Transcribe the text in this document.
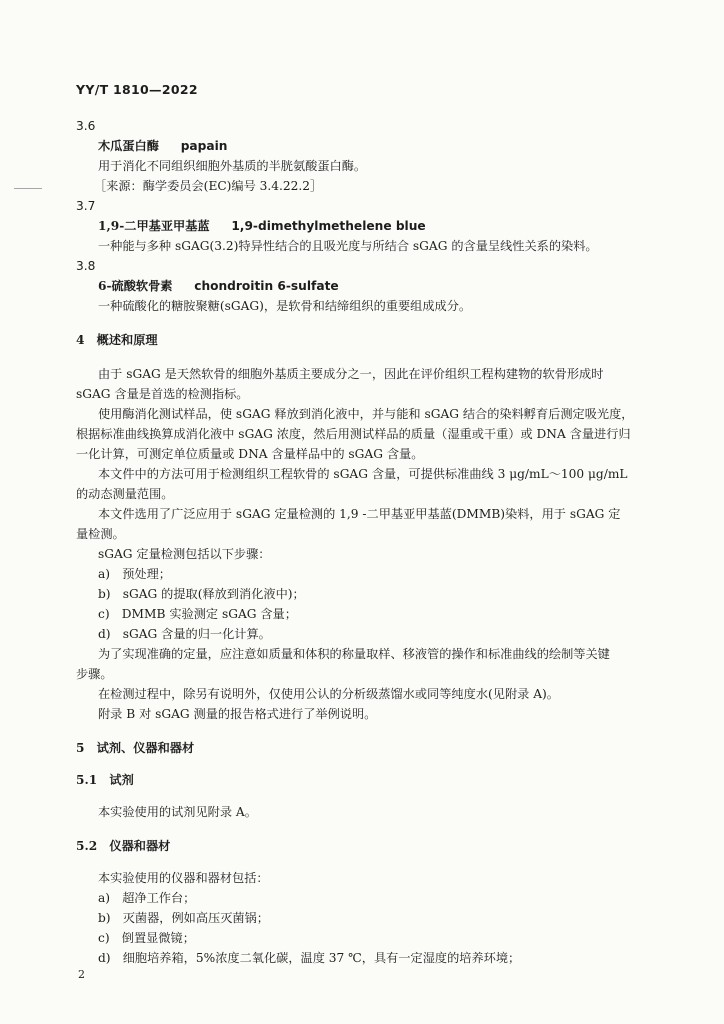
YY/T 1810—2022
3.6
木瓜蛋白酶 papain
用于消化不同组织细胞外基质的半胱氨酸蛋白酶。
［来源：酶学委员会(EC)编号 3.4.22.2］
3.7
1,9-二甲基亚甲基蓝 1,9-dimethylmethelene blue
一种能与多种 sGAG(3.2)特异性结合的且吸光度与所结合 sGAG 的含量呈线性关系的染料。
3.8
6-硫酸软骨素 chondroitin 6-sulfate
一种硫酸化的糖胺聚糖(sGAG)，是软骨和结缔组织的重要组成成分。
4　概述和原理
由于 sGAG 是天然软骨的细胞外基质主要成分之一，因此在评价组织工程构建物的软骨形成时
sGAG 含量是首选的检测指标。
使用酶消化测试样品，使 sGAG 释放到消化液中，并与能和 sGAG 结合的染料孵育后测定吸光度，
根据标准曲线换算成消化液中 sGAG 浓度，然后用测试样品的质量（湿重或干重）或 DNA 含量进行归
一化计算，可测定单位质量或 DNA 含量样品中的 sGAG 含量。
本文件中的方法可用于检测组织工程软骨的 sGAG 含量，可提供标准曲线 3 μg/mL～100 μg/mL
的动态测量范围。
本文件选用了广泛应用于 sGAG 定量检测的 1,9 -二甲基亚甲基蓝(DMMB)染料，用于 sGAG 定
量检测。
sGAG 定量检测包括以下步骤：
a)　预处理；
b)　sGAG 的提取(释放到消化液中)；
c)　DMMB 实验测定 sGAG 含量；
d)　sGAG 含量的归一化计算。
为了实现准确的定量，应注意如质量和体积的称量取样、移液管的操作和标准曲线的绘制等关键
步骤。
在检测过程中，除另有说明外，仅使用公认的分析级蒸馏水或同等纯度水(见附录 A)。
附录 B 对 sGAG 测量的报告格式进行了举例说明。
5　试剂、仪器和器材
5.1　试剂
本实验使用的试剂见附录 A。
5.2　仪器和器材
本实验使用的仪器和器材包括：
a)　超净工作台；
b)　灭菌器，例如高压灭菌锅；
c)　倒置显微镜；
d)　细胞培养箱，5%浓度二氧化碳，温度 37 ℃，具有一定湿度的培养环境；
2
